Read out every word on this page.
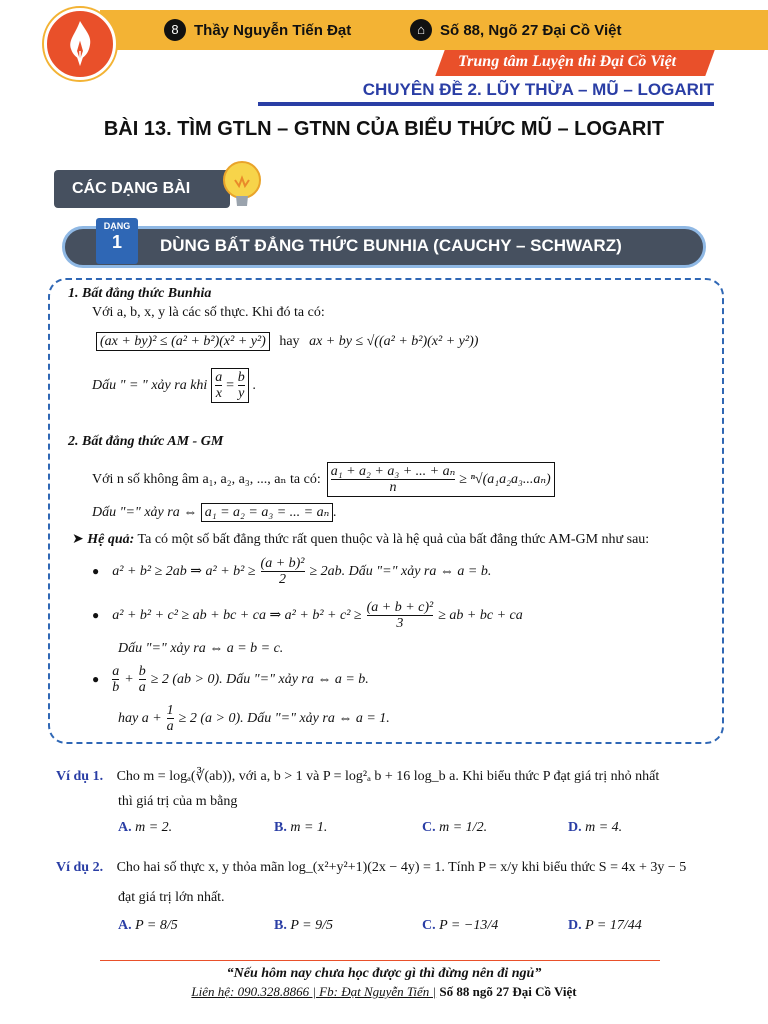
8	Thầy Nguyễn Tiến Đạt	⌂	Số 88, Ngõ 27 Đại Cồ Việt
Trung tâm Luyện thi Đại Cồ Việt
CHUYÊN ĐỀ 2. LŨY THỪA – MŨ – LOGARIT
BÀI 13. TÌM GTLN – GTNN CỦA BIỂU THỨC MŨ – LOGARIT
CÁC DẠNG BÀI
DẠNG
1	DÙNG BẤT ĐẲNG THỨC BUNHIA (CAUCHY – SCHWARZ)
1. Bất đẳng thức Bunhia
Với a, b, x, y là các số thực. Khi đó ta có:
(ax + by)² ≤ (a² + b²)(x² + y²) hay ax + by ≤ √((a² + b²)(x² + y²))
Dấu " = " xảy ra khi $\frac{a}{x} = \frac{b}{y}$ .
2. Bất đẳng thức AM - GM
Với n số không âm a₁, a₂, a₃, ..., aₙ ta có: $\frac{\text{a₁ + a₂ + a₃ + ... + aₙ}}{n} \ge ^n√(a_1a_2a_3...a_n)$
Dấu "=" xảy ra ⇔ a₁ = a₂ = a₃ = ... = aₙ .
➤ Hệ quả: Ta có một số bất đẳng thức rất quen thuộc và là hệ quả của bất đẳng thức AM-GM như sau:
● a² + b² ≥ 2ab ⇒ $a^2 + b^2 \ge \frac{\text{(a + b)²}}{2} \ge 2ab$. Dấu "=" xảy ra ⇔ a = b.
● a² + b² + c² ≥ ab + bc + ca ⇒ $a^2 + b^2 + c^2 \ge \frac{\text{(a + b + c)²}}{3}$ ≥ ab + bc + ca
Dấu "=" xảy ra ⇔ a = b = c.
● $\frac{a}{b} + \frac{b}{a} \ge 2$ (ab > 0). Dấu "=" xảy ra ⇔ a = b.
hay $a + \frac{1}{a} \ge 2$ (a > 0). Dấu "=" xảy ra ⇔ a = 1.
Ví dụ 1. Cho m = logₐ(∛(ab)), với a, b > 1 và P = log²ₐ b + 16 log_b a. Khi biểu thức P đạt giá trị nhỏ nhất
thì giá trị của m bằng
A. m = 2.	B. m = 1.	C. m = 1/2.	D. m = 4.
Ví dụ 2. Cho hai số thực x, y thỏa mãn log_(x²+y²+1)(2x − 4y) = 1. Tính P = x/y khi biểu thức S = 4x + 3y − 5
đạt giá trị lớn nhất.
A. P = 8/5	B. P = 9/5	C. P = −13/4	D. P = 17/44
“Nếu hôm nay chưa học được gì thì đừng nên đi ngủ”
Liên hệ: 090.328.8866 | Fb: Đạt Nguyễn Tiến | Số 88 ngõ 27 Đại Cồ Việt
